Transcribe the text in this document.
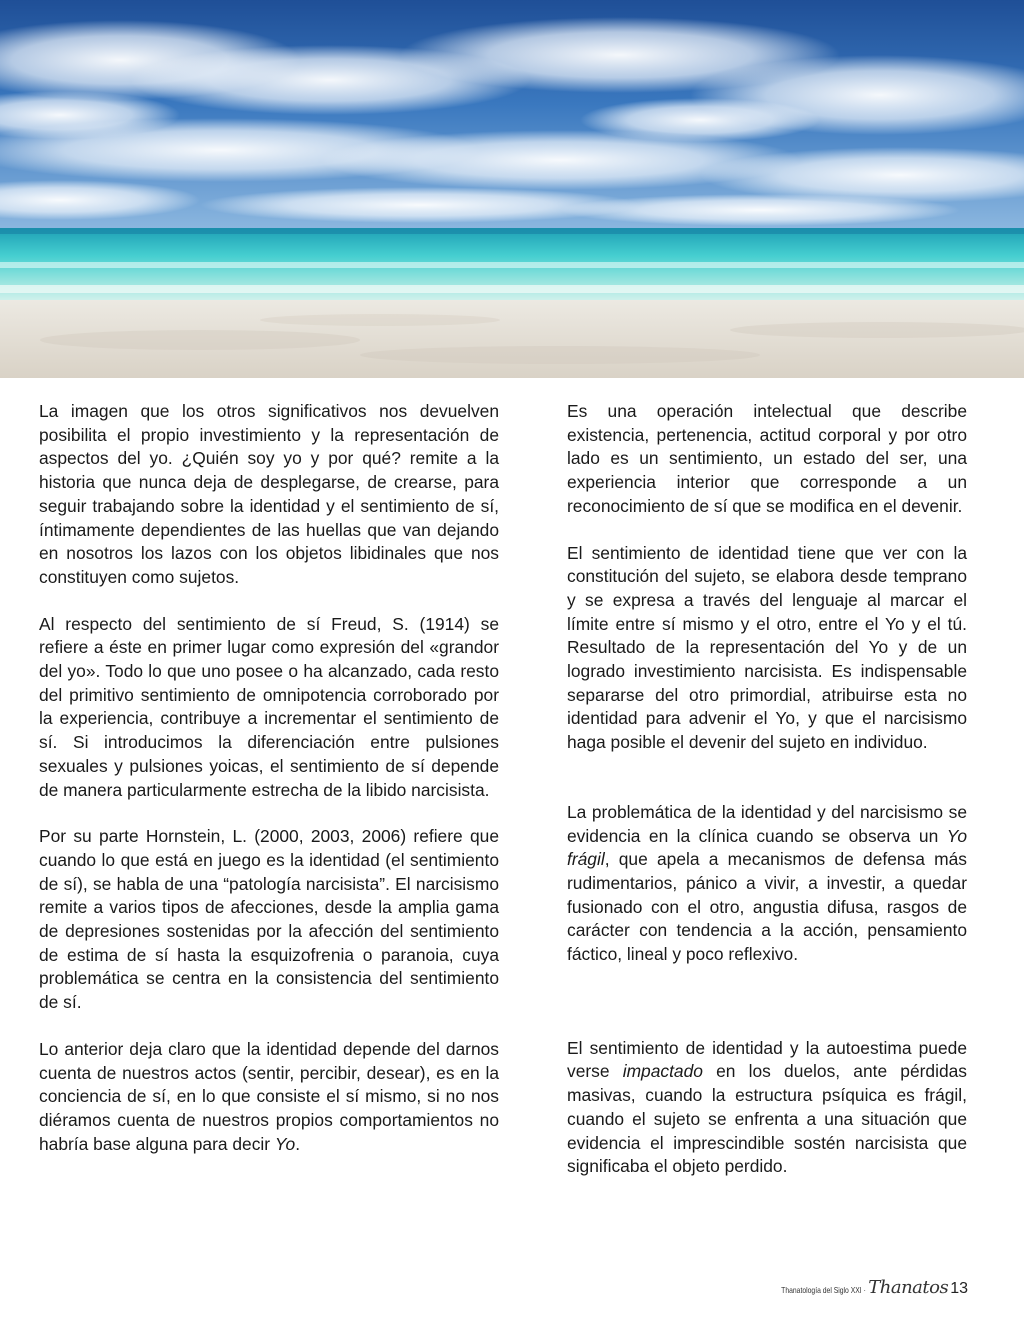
La imagen que los otros significativos nos devuelven posibilita el propio investimiento y la representación de aspectos del yo. ¿Quién soy yo y por qué? remite a la historia que nunca deja de desplegarse, de crearse, para seguir trabajando sobre la identidad y el sentimiento de sí, íntimamente dependientes de las huellas que van dejando en nosotros los lazos con los objetos libidinales que nos constituyen como sujetos.

Al respecto del sentimiento de sí Freud, S. (1914) se refiere a éste en primer lugar como expresión del «grandor del yo». Todo lo que uno posee o ha alcanzado, cada resto del primitivo sentimiento de omnipotencia corroborado por la experiencia, contribuye a incrementar el sentimiento de sí. Si introducimos la diferenciación entre pulsiones sexuales y pulsiones yoicas, el sentimiento de sí depende de manera particularmente estrecha de la libido narcisista.

Por su parte Hornstein, L. (2000, 2003, 2006) refiere que cuando lo que está en juego es la identidad (el sentimiento de sí), se habla de una “patología narcisista”. El narcisismo remite a varios tipos de afecciones, desde la amplia gama de depresiones sostenidas por la afección del sentimiento de estima de sí hasta la esquizofrenia o paranoia, cuya problemática se centra en la consistencia del sentimiento de sí.

Lo anterior deja claro que la identidad depende del darnos cuenta de nuestros actos (sentir, percibir, desear), es en la conciencia de sí, en lo que consiste el sí mismo, si no nos diéramos cuenta de nuestros propios comportamientos no habría base alguna para decir Yo.

Es una operación intelectual que describe existencia, pertenencia, actitud corporal y por otro lado es un sentimiento, un estado del ser, una experiencia interior que corresponde a un reconocimiento de sí que se modifica en el devenir.

El sentimiento de identidad tiene que ver con la constitución del sujeto, se elabora desde temprano y se expresa a través del lenguaje al marcar el límite entre sí mismo y el otro, entre el Yo y el tú. Resultado de la representación del Yo y de un logrado investimiento narcisista. Es indispensable separarse del otro primordial, atribuirse esta no identidad para advenir el Yo, y que el narcisismo haga posible el devenir del sujeto en individuo.

La problemática de la identidad y del narcisismo se evidencia en la clínica cuando se observa un Yo frágil, que apela a mecanismos de defensa más rudimentarios, pánico a vivir, a investir, a quedar fusionado con el otro, angustia difusa, rasgos de carácter con tendencia a la acción, pensamiento fáctico, lineal y poco reflexivo.

El sentimiento de identidad y la autoestima puede verse impactado en los duelos, ante pérdidas masivas, cuando la estructura psíquica es frágil, cuando el sujeto se enfrenta a una situación que evidencia el imprescindible sostén narcisista que significaba el objeto perdido.

Thanatología del Siglo XXI · Thanatos 13
